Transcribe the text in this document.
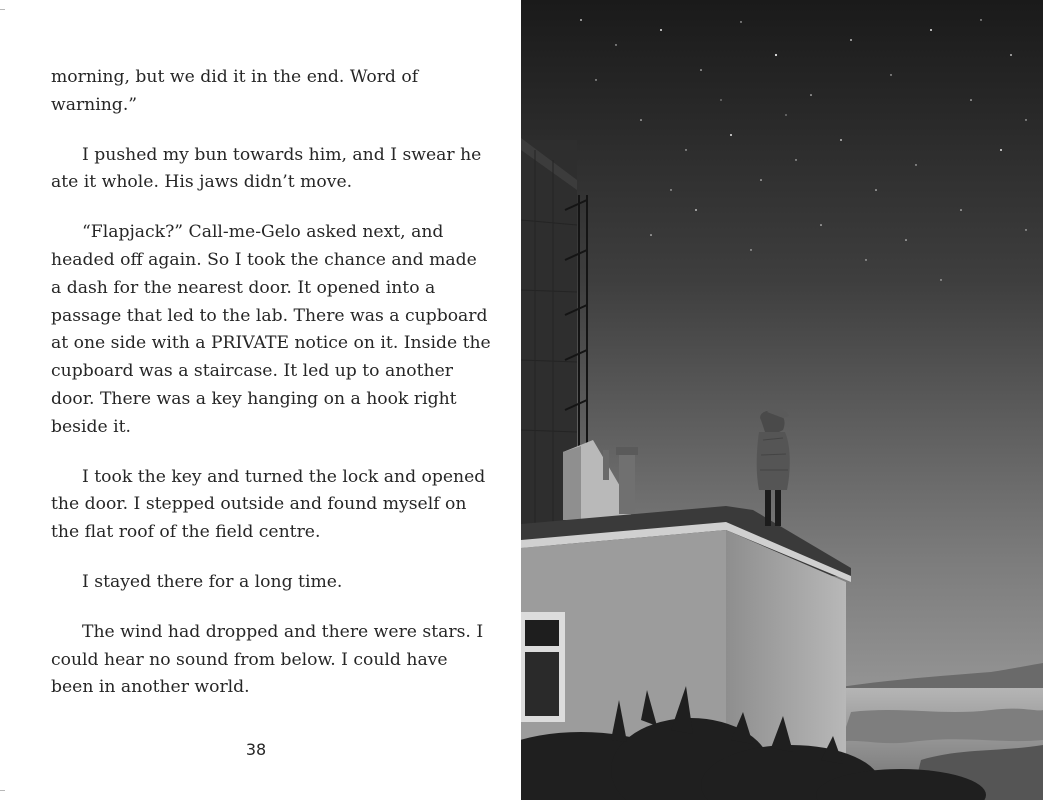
morning, but we did it in the end. Word of warning.”

I pushed my bun towards him, and I swear he ate it whole. His jaws didn’t move.

“Flapjack?” Call-me-Gelo asked next, and headed off again. So I took the chance and made a dash for the nearest door. It opened into a passage that led to the lab. There was a cupboard at one side with a PRIVATE notice on it. Inside the cupboard was a staircase. It led up to another door. There was a key hanging on a hook right beside it.

I took the key and turned the lock and opened the door. I stepped outside and found myself on the flat roof of the field centre.

I stayed there for a long time.

The wind had dropped and there were stars. I could hear no sound from below. I could have been in another world.

38
